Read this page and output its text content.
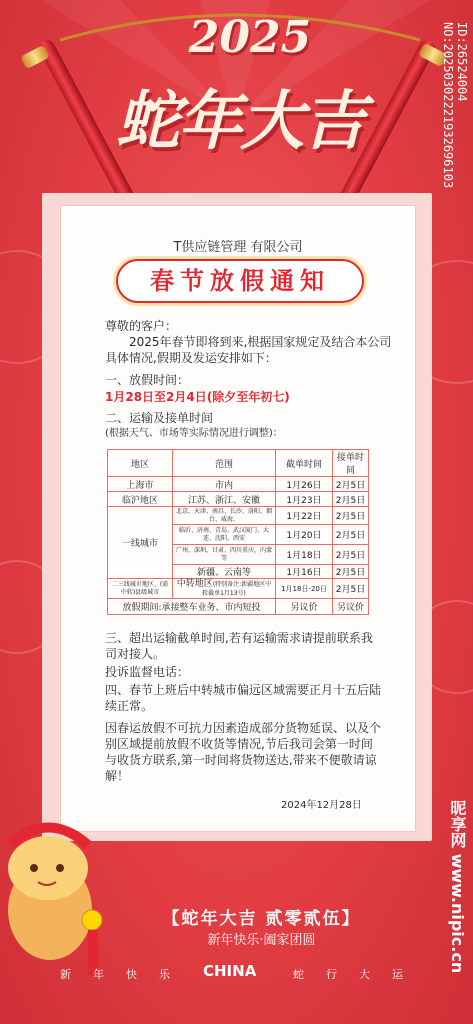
2025
蛇年大吉
ID:26524004 NO:20250302221932696103
T供应链管理 有限公司
春节放假通知
尊敬的客户：
2025年春节即将到来,根据国家规定及结合本公司具体情况,假期及发运安排如下：
一、放假时间：
1月28日至2月4日(除夕至年初七)
二、运输及接单时间
(根据天气、市场等实际情况进行调整)：
地区	范围	截单时间	接单时间
上海市	市内	1月26日	2月5日
临沪地区	江苏、浙江、安徽	1月23日	2月5日
一线城市	北京、天津、南昌、长沙、洛阳、烟台、威海、	1月22日	2月5日
	临沂、济南、青岛、武汉厦门、大连、沈阳、西安	1月20日	2月5日
	广州、深圳、甘肃、四川重庆、内蒙等	1月18日	2月5日
	新疆、云南等	1月16日	2月5日
二三线城市地区、(需中转)县级城市	中转地区(特别备注:新疆地区中转截单1月13号)	1月18日-20日	2月5日
放假期间:承接整车业务、市内短投		另议价	另议价
三、超出运输截单时间,若有运输需求请提前联系我司对接人。
投诉监督电话：
四、春节上班后中转城市偏远区域需要正月十五后陆续正常。
因春运放假不可抗力因素造成部分货物延误、以及个别区域提前放假不收货等情况,节后我司会第一时间与收货方联系,第一时间将货物送达,带来不便敬请谅解！
2024年12月28日
【蛇年大吉 贰零贰伍】
新年快乐·阖家团圆
新 年 快 乐 CHINA	蛇 行 大 运
昵享网 www.nipic.cn
